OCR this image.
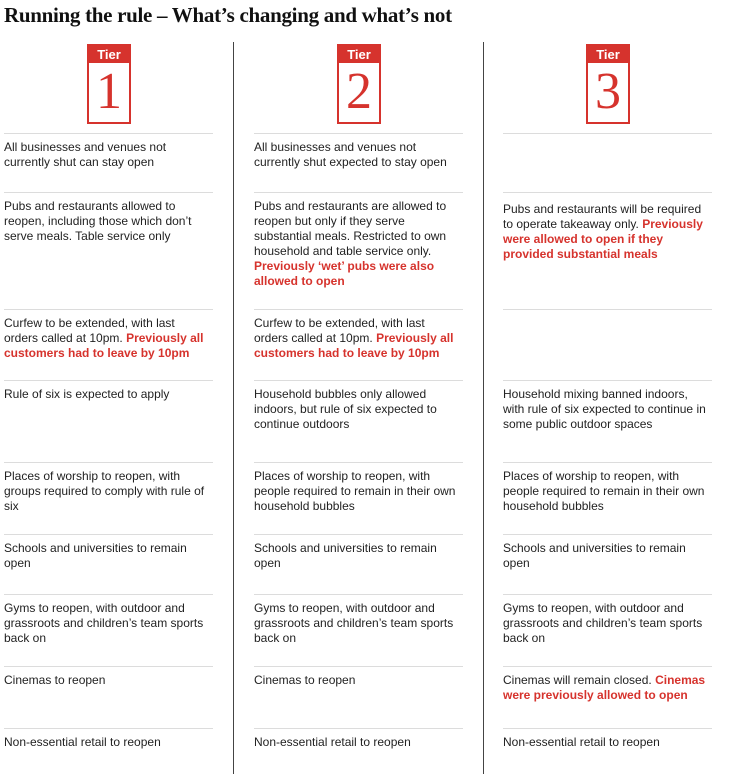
Running the rule – What’s changing and what’s not
Tier
1
All businesses and venues not currently shut can stay open
Pubs and restaurants allowed to reopen, including those which don’t serve meals. Table service only
Curfew to be extended, with last orders called at 10pm. Previously all customers had to leave by 10pm
Rule of six is expected to apply
Places of worship to reopen, with groups required to comply with rule of six
Schools and universities to remain open
Gyms to reopen, with outdoor and grassroots and children’s team sports back on
Cinemas to reopen
Non-essential retail to reopen
Tier
2
All businesses and venues not currently shut expected to stay open
Pubs and restaurants are allowed to reopen but only if they serve substantial meals. Restricted to own household and table service only. Previously ‘wet’ pubs were also allowed to open
Curfew to be extended, with last orders called at 10pm. Previously all customers had to leave by 10pm
Household bubbles only allowed indoors, but rule of six expected to continue outdoors
Places of worship to reopen, with people required to remain in their own household bubbles
Schools and universities to remain open
Gyms to reopen, with outdoor and grassroots and children’s team sports back on
Cinemas to reopen
Non-essential retail to reopen
Tier
3
Pubs and restaurants will be required to operate takeaway only. Previously were allowed to open if they provided substantial meals
Household mixing banned indoors, with rule of six expected to continue in some public outdoor spaces
Places of worship to reopen, with people required to remain in their own household bubbles
Schools and universities to remain open
Gyms to reopen, with outdoor and grassroots and children’s team sports back on
Cinemas will remain closed. Cinemas were previously allowed to open
Non-essential retail to reopen
